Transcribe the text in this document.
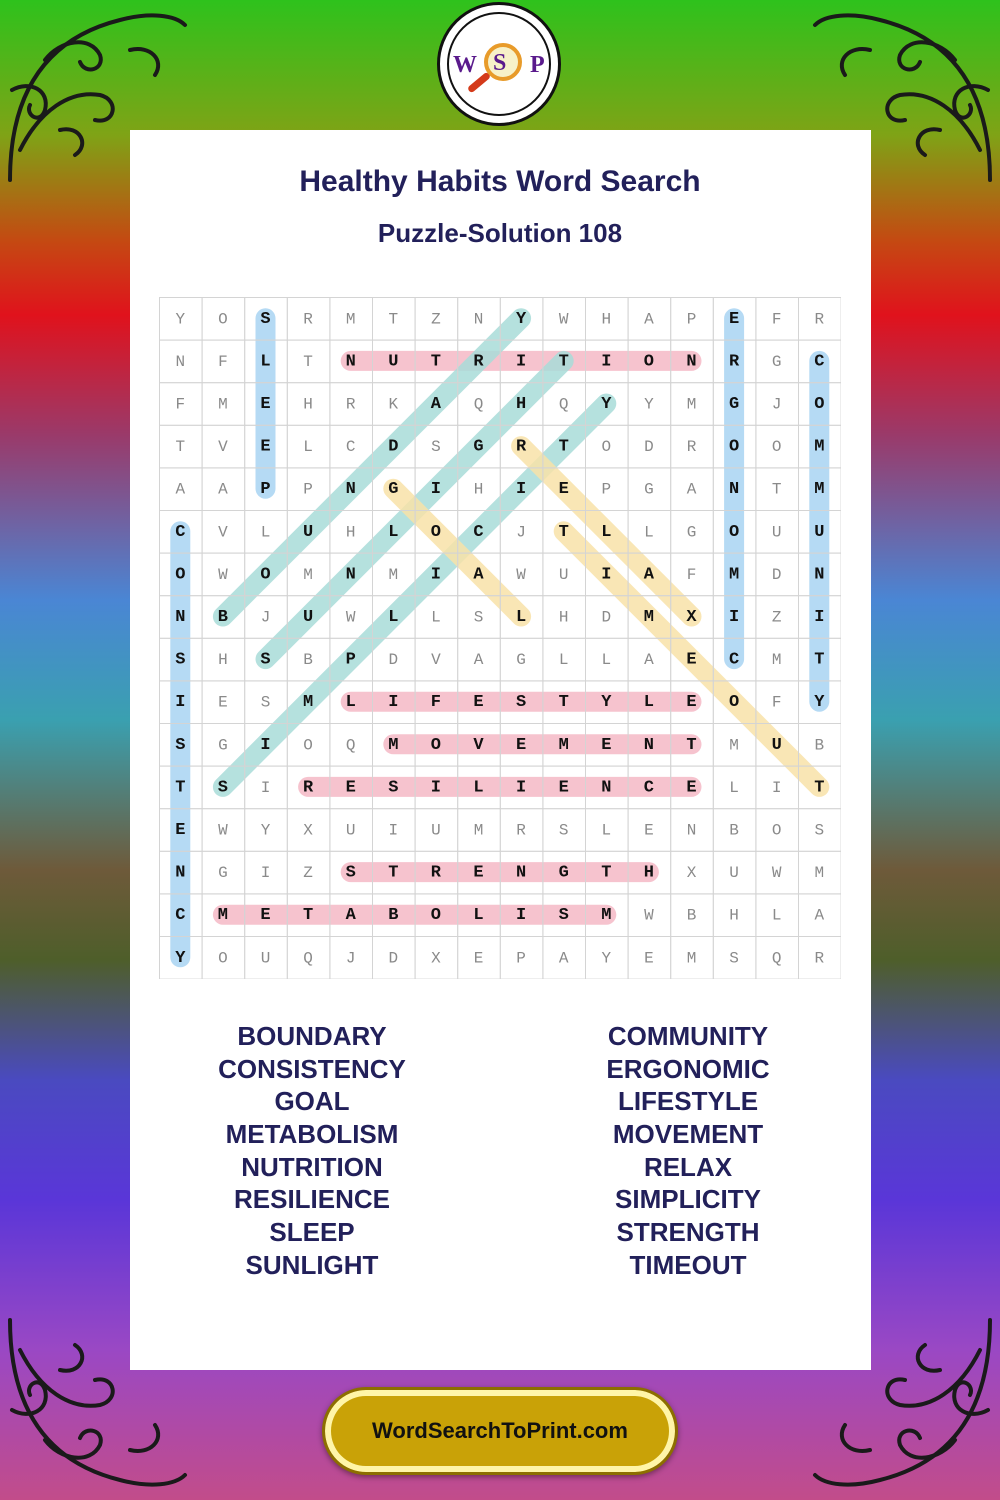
W S P
Healthy Habits Word Search
Puzzle-Solution 108
Y O S R M T Z N Y W H A P E F R
N F L T N U T R I T I O N R G C
F M E H R K A Q H Q Y Y M G J O
T V E L C D S G R T O D R O O M
A A P P N G I H I E P G A N T M
C V L U H L O C J T L L G O U U
O W O M N M I A W U I A F M D N
N B J U W L L S L H D M X I Z I
S H S B P D V A G L L A E C M T
I E S M L I F E S T Y L E O F Y
S G I O Q M O V E M E N T M U B
T S I R E S I L I E N C E L I T
E W Y X U I U M R S L E N B O S
N G I Z S T R E N G T H X U W M
C M E T A B O L I S M W B H L A
Y O U Q J D X E P A Y E M S Q R
BOUNDARY
CONSISTENCY
GOAL
METABOLISM
NUTRITION
RESILIENCE
SLEEP
SUNLIGHT
COMMUNITY
ERGONOMIC
LIFESTYLE
MOVEMENT
RELAX
SIMPLICITY
STRENGTH
TIMEOUT
WordSearchToPrint.com
